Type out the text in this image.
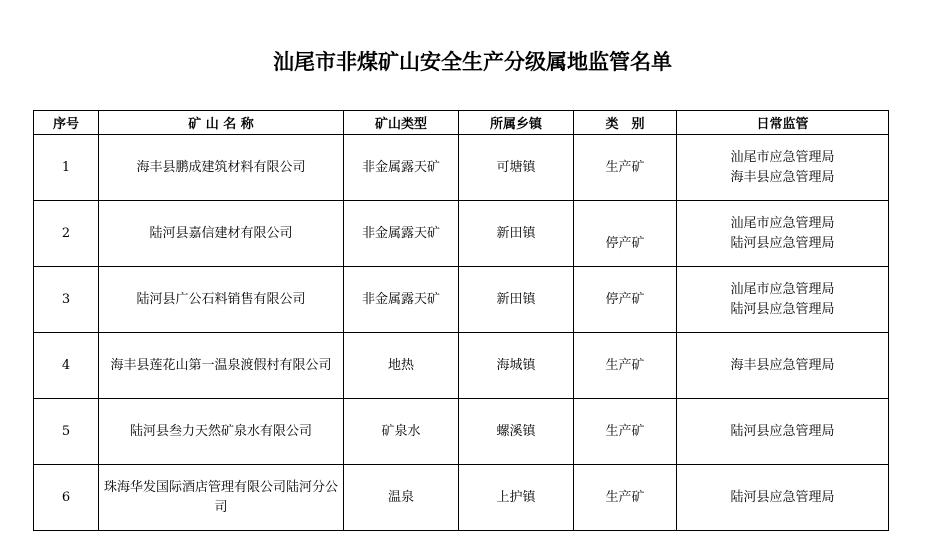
汕尾市非煤矿山安全生产分级属地监管名单
序号	矿 山 名 称	矿山类型	所属乡镇	类　别	日常监管
1	海丰县鹏成建筑材料有限公司	非金属露天矿	可塘镇	生产矿	汕尾市应急管理局
海丰县应急管理局

2	陆河县嘉信建材有限公司	非金属露天矿	新田镇	停产矿	汕尾市应急管理局
陆河县应急管理局

3	陆河县广公石料销售有限公司	非金属露天矿	新田镇	停产矿	汕尾市应急管理局
陆河县应急管理局

4	海丰县莲花山第一温泉渡假村有限公司	地热	海城镇	生产矿	海丰县应急管理局

5	陆河县叁力天然矿泉水有限公司	矿泉水	螺溪镇	生产矿	陆河县应急管理局

6	珠海华发国际酒店管理有限公司陆河分公司	温泉	上护镇	生产矿	陆河县应急管理局
